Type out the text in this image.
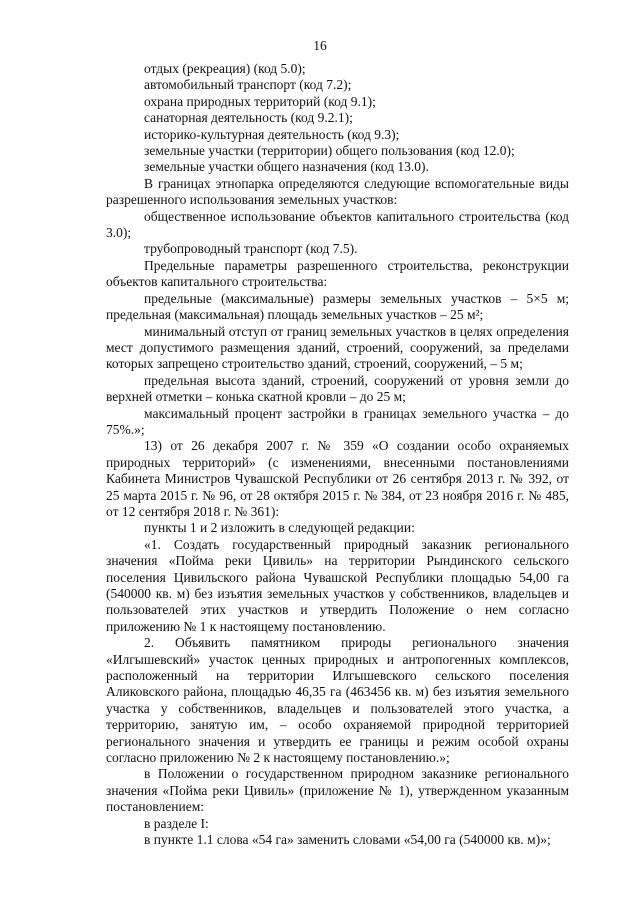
16

отдых (рекреация) (код 5.0);

автомобильный транспорт (код 7.2);

охрана природных территорий (код 9.1);

санаторная деятельность (код 9.2.1);

историко-культурная деятельность (код 9.3);

земельные участки (территории) общего пользования (код 12.0);

земельные участки общего назначения (код 13.0).

В границах этнопарка определяются следующие вспомогательные виды разрешенного использования земельных участков:

общественное использование объектов капитального строительства (код 3.0);

трубопроводный транспорт (код 7.5).

Предельные параметры разрешенного строительства, реконструкции объектов капитального строительства:

предельные (максимальные) размеры земельных участков – 5×5 м; предельная (максимальная) площадь земельных участков – 25 м²;

минимальный отступ от границ земельных участков в целях определения мест допустимого размещения зданий, строений, сооружений, за пределами которых запрещено строительство зданий, строений, сооружений, – 5 м;

предельная высота зданий, строений, сооружений от уровня земли до верхней отметки – конька скатной кровли – до 25 м;

максимальный процент застройки в границах земельного участка – до 75%.»;

13) от 26 декабря 2007 г. № 359 «О создании особо охраняемых природных территорий» (с изменениями, внесенными постановлениями Кабинета Министров Чувашской Республики от 26 сентября 2013 г. № 392, от 25 марта 2015 г. № 96, от 28 октября 2015 г. № 384, от 23 ноября 2016 г. № 485, от 12 сентября 2018 г. № 361):

пункты 1 и 2 изложить в следующей редакции:

«1. Создать государственный природный заказник регионального значения «Пойма реки Цивиль» на территории Рындинского сельского поселения Цивильского района Чувашской Республики площадью 54,00 га (540000 кв. м) без изъятия земельных участков у собственников, владельцев и пользователей этих участков и утвердить Положение о нем согласно приложению № 1 к настоящему постановлению.

2. Объявить памятником природы регионального значения «Илгышевский» участок ценных природных и антропогенных комплексов, расположенный на территории Илгышевского сельского поселения Аликовского района, площадью 46,35 га (463456 кв. м) без изъятия земельного участка у собственников, владельцев и пользователей этого участка, а территорию, занятую им, – особо охраняемой природной территорией регионального значения и утвердить ее границы и режим особой охраны согласно приложению № 2 к настоящему постановлению.»;

в Положении о государственном природном заказнике регионального значения «Пойма реки Цивиль» (приложение № 1), утвержденном указанным постановлением:

в разделе I:

в пункте 1.1 слова «54 га» заменить словами «54,00 га (540000 кв. м)»;
